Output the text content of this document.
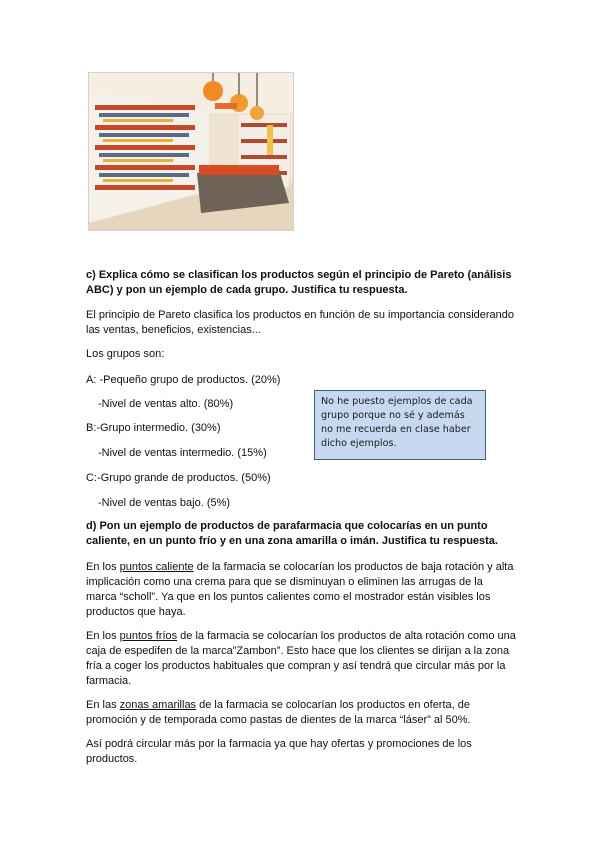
c) Explica cómo se clasifican los productos según el principio de Pareto (análisis ABC) y pon un ejemplo de cada grupo. Justifica tu respuesta.

El principio de Pareto clasifica los productos en función de su importancia considerando las ventas, beneficios, existencias...

Los grupos son:

A: -Pequeño grupo de productos. (20%)

-Nivel de ventas alto. (80%)

B:-Grupo intermedio. (30%)

-Nivel de ventas intermedio. (15%)

C:-Grupo grande de productos. (50%)

-Nivel de ventas bajo. (5%)

No he puesto ejemplos de cada grupo porque no sé y además no me recuerda en clase haber dicho ejemplos.

d) Pon un ejemplo de productos de parafarmacia que colocarías en un punto caliente, en un punto frío y en una zona amarilla o imán. Justifica tu respuesta.

En los puntos caliente de la farmacia se colocarían los productos de baja rotación y alta implicación como una crema para que se disminuyan o eliminen las arrugas de la marca “scholl”. Ya que en los puntos calientes como el mostrador están visibles los productos que haya.

En los puntos fríos de la farmacia se colocarían los productos de alta rotación como una caja de espedifen de la marca”Zambon”. Esto hace que los clientes se dirijan a la zona fría a coger los productos habituales que compran y así tendrá que circular más por la farmacia.

En las zonas amarillas de la farmacia se colocarían los productos en oferta, de promoción y de temporada como pastas de dientes de la marca “láser” al 50%.

Así podrá circular más por la farmacia ya que hay ofertas y promociones de los productos.
